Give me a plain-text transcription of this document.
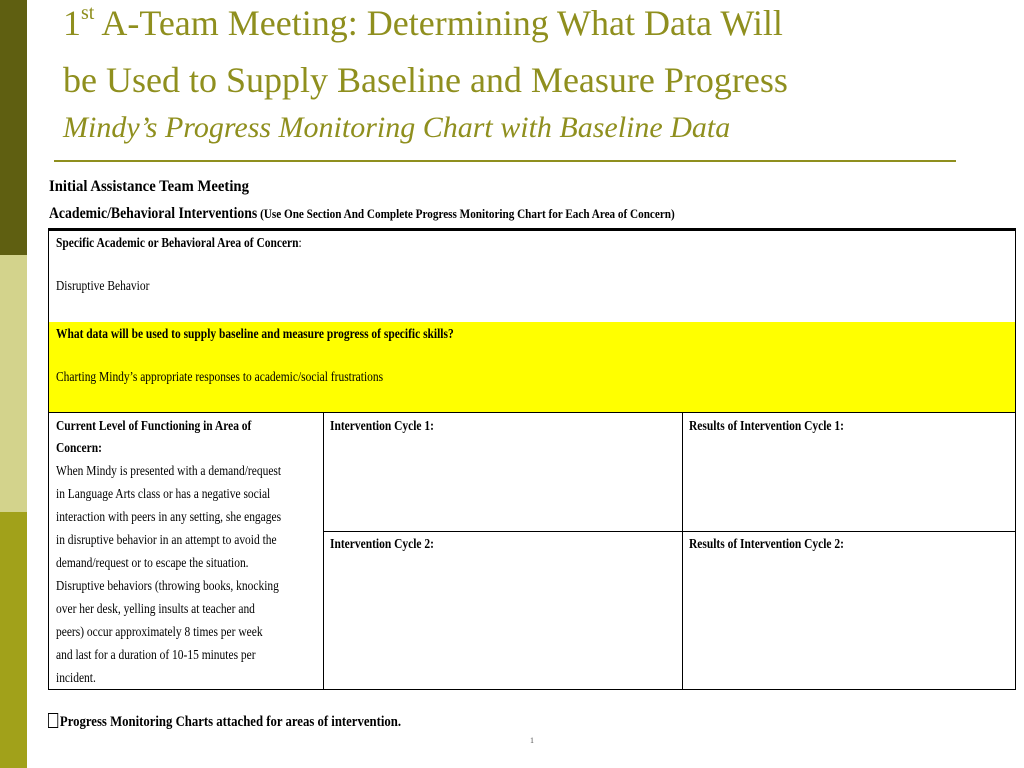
1st A-Team Meeting: Determining What Data Will
be Used to Supply Baseline and Measure Progress
Mindy’s Progress Monitoring Chart with Baseline Data
Initial Assistance Team Meeting
Academic/Behavioral Interventions (Use One Section And Complete Progress Monitoring Chart for Each Area of Concern)
Specific Academic or Behavioral Area of Concern:
Disruptive Behavior
What data will be used to supply baseline and measure progress of specific skills?
Charting Mindy’s appropriate responses to academic/social frustrations
Current Level of Functioning in Area of
Concern:
When Mindy is presented with a demand/request
in Language Arts class or has a negative social
interaction with peers in any setting, she engages
in disruptive behavior in an attempt to avoid the
demand/request or to escape the situation.
Disruptive behaviors (throwing books, knocking
over her desk, yelling insults at teacher and
peers) occur approximately 8 times per week
and last for a duration of 10-15 minutes per
incident.
Intervention Cycle 1:	Results of Intervention Cycle 1:
Intervention Cycle 2:	Results of Intervention Cycle 2:
Progress Monitoring Charts attached for areas of intervention.
1
